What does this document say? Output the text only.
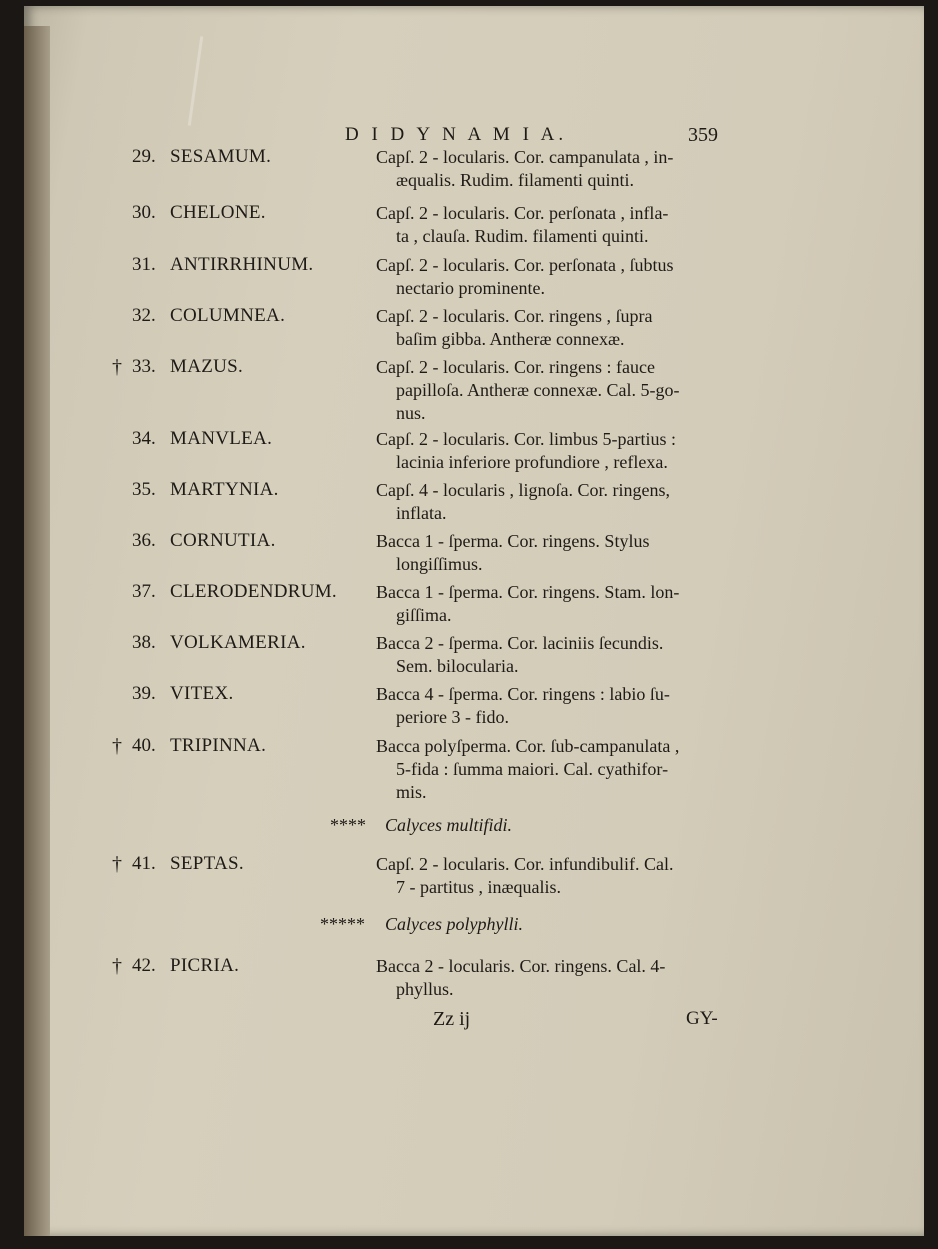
D I D Y N A M I A.	359
29. SESAMUM.	Capſ. 2 - locularis. Cor. campanulata , in-
æqualis. Rudim. filamenti quinti.
30. CHELONE.	Capſ. 2 - locularis. Cor. perſonata , infla-
ta , clauſa. Rudim. filamenti quinti.
31. ANTIRRHINUM.	Capſ. 2 - locularis. Cor. perſonata , ſubtus
nectario prominente.
32. COLUMNEA.	Capſ. 2 - locularis. Cor. ringens , ſupra
baſim gibba. Antheræ connexæ.
† 33. MAZUS.	Capſ. 2 - locularis. Cor. ringens : fauce
papilloſa. Antheræ connexæ. Cal. 5-go-
nus.
34. MANVLEA.	Capſ. 2 - locularis. Cor. limbus 5-partius :
lacinia inferiore profundiore , reflexa.
35. MARTYNIA.	Capſ. 4 - locularis , lignoſa. Cor. ringens,
inflata.
36. CORNUTIA.	Bacca 1 - ſperma. Cor. ringens. Stylus
longiſſimus.
37. CLERODENDRUM. Bacca 1 - ſperma. Cor. ringens. Stam. lon-
giſſima.
38. VOLKAMERIA.	Bacca 2 - ſperma. Cor. laciniis ſecundis.
Sem. bilocularia.
39. VITEX.	Bacca 4 - ſperma. Cor. ringens : labio ſu-
periore 3 - fido.
† 40. TRIPINNA.	Bacca polyſperma. Cor. ſub-campanulata ,
5-fida : ſumma maiori. Cal. cyathifor-
mis.
**** Calyces multifidi.
† 41. SEPTAS.	Capſ. 2 - locularis. Cor. infundibulif. Cal.
7 - partitus , inæqualis.
***** Calyces polyphylli.
† 42. PICRIA.	Bacca 2 - locularis. Cor. ringens. Cal. 4-
phyllus.
Zz ij	GY-
